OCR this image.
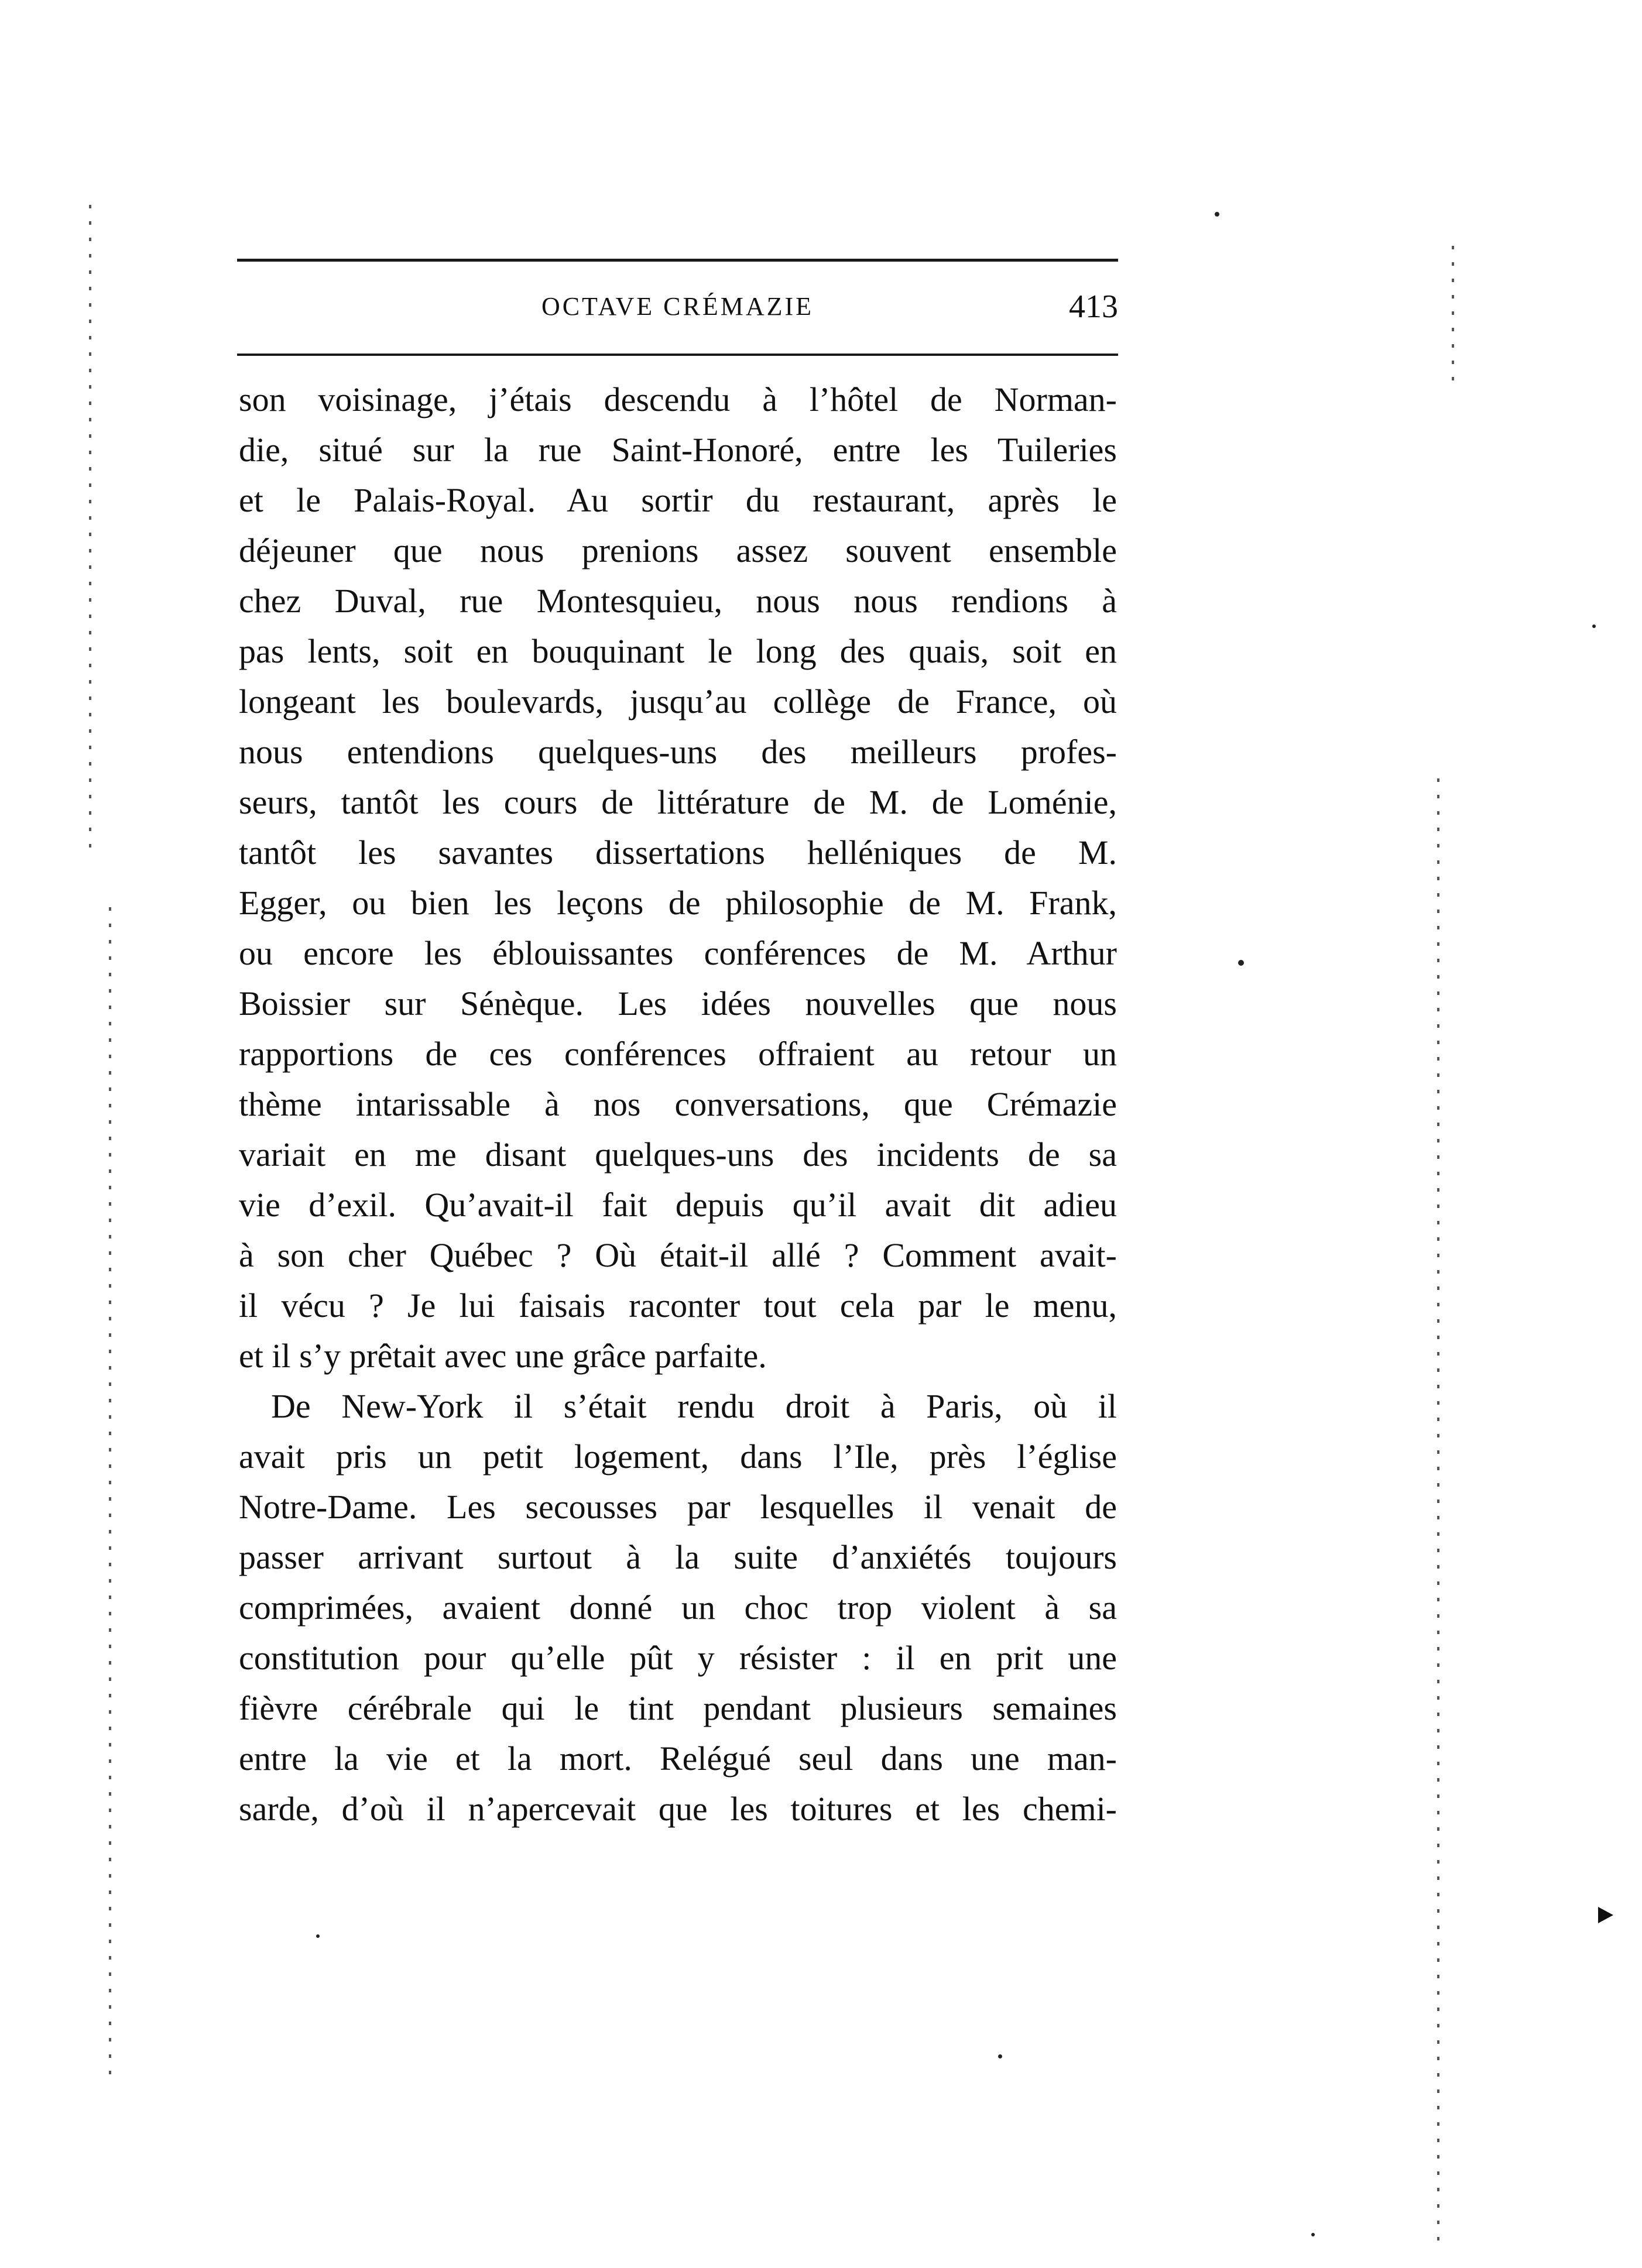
OCTAVE CRÉMAZIE	413
son voisinage, j’étais descendu à l’hôtel de Norman-
die, situé sur la rue Saint-Honoré, entre les Tuileries
et le Palais-Royal. Au sortir du restaurant, après le
déjeuner que nous prenions assez souvent ensemble
chez Duval, rue Montesquieu, nous nous rendions à
pas lents, soit en bouquinant le long des quais, soit en
longeant les boulevards, jusqu’au collège de France, où
nous entendions quelques-uns des meilleurs profes-
seurs, tantôt les cours de littérature de M. de Loménie,
tantôt les savantes dissertations helléniques de M.
Egger, ou bien les leçons de philosophie de M. Frank,
ou encore les éblouissantes conférences de M. Arthur
Boissier sur Sénèque. Les idées nouvelles que nous
rapportions de ces conférences offraient au retour un
thème intarissable à nos conversations, que Crémazie
variait en me disant quelques-uns des incidents de sa
vie d’exil. Qu’avait-il fait depuis qu’il avait dit adieu
à son cher Québec ? Où était-il allé ? Comment avait-
il vécu ? Je lui faisais raconter tout cela par le menu,
et il s’y prêtait avec une grâce parfaite.
De New-York il s’était rendu droit à Paris, où il
avait pris un petit logement, dans l’Ile, près l’église
Notre-Dame. Les secousses par lesquelles il venait de
passer arrivant surtout à la suite d’anxiétés toujours
comprimées, avaient donné un choc trop violent à sa
constitution pour qu’elle pût y résister : il en prit une
fièvre cérébrale qui le tint pendant plusieurs semaines
entre la vie et la mort. Relégué seul dans une man-
sarde, d’où il n’apercevait que les toitures et les chemi-
